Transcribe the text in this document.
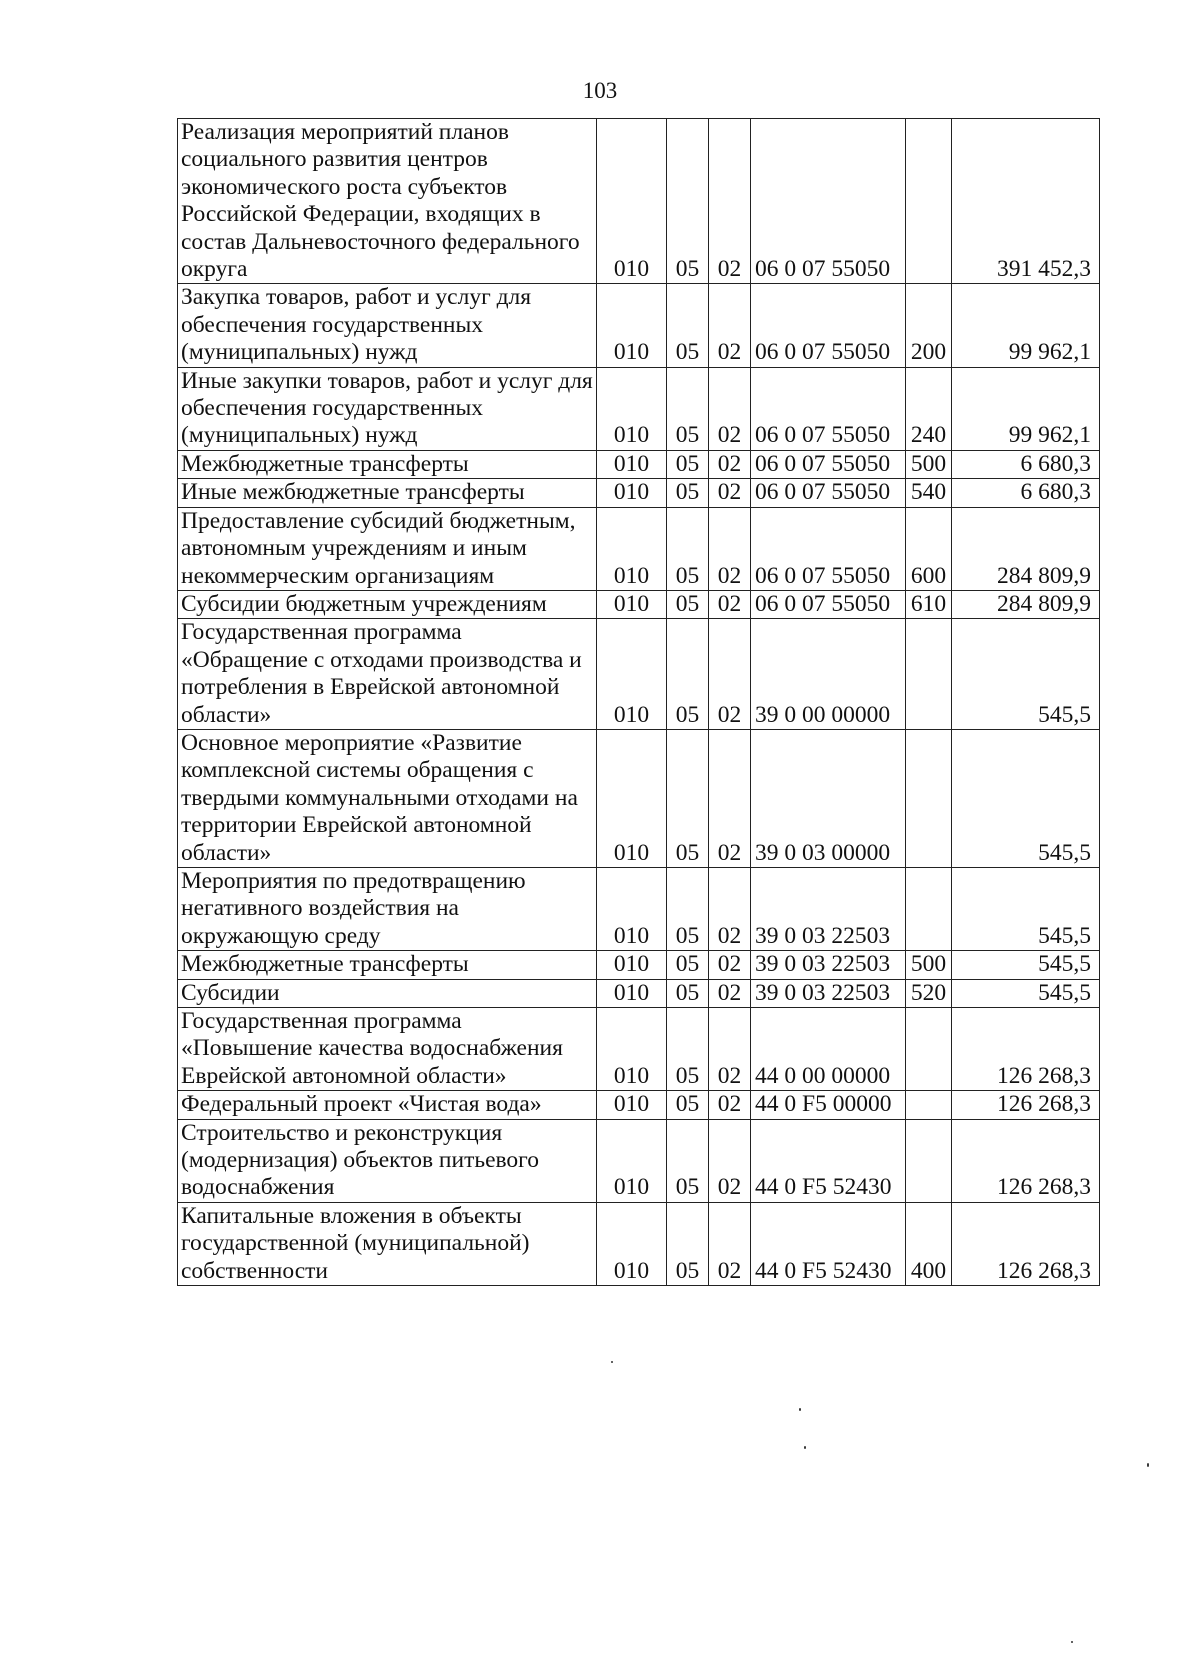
103
Реализация мероприятий планов социального развития центров экономического роста субъектов Российской Федерации, входящих в состав Дальневосточного федерального округа	010	05	02	06 0 07 55050		391 452,3
Закупка товаров, работ и услуг для обеспечения государственных (муниципальных) нужд	010	05	02	06 0 07 55050	200	99 962,1
Иные закупки товаров, работ и услуг для обеспечения государственных (муниципальных) нужд	010	05	02	06 0 07 55050	240	99 962,1
Межбюджетные трансферты	010	05	02	06 0 07 55050	500	6 680,3
Иные межбюджетные трансферты	010	05	02	06 0 07 55050	540	6 680,3
Предоставление субсидий бюджетным, автономным учреждениям и иным некоммерческим организациям	010	05	02	06 0 07 55050	600	284 809,9
Субсидии бюджетным учреждениям	010	05	02	06 0 07 55050	610	284 809,9
Государственная программа «Обращение с отходами производства и потребления в Еврейской автономной области»	010	05	02	39 0 00 00000		545,5
Основное мероприятие «Развитие комплексной системы обращения с твердыми коммунальными отходами на территории Еврейской автономной области»	010	05	02	39 0 03 00000		545,5
Мероприятия по предотвращению негативного воздействия на окружающую среду	010	05	02	39 0 03 22503		545,5
Межбюджетные трансферты	010	05	02	39 0 03 22503	500	545,5
Субсидии	010	05	02	39 0 03 22503	520	545,5
Государственная программа «Повышение качества водоснабжения Еврейской автономной области»	010	05	02	44 0 00 00000		126 268,3
Федеральный проект «Чистая вода»	010	05	02	44 0 F5 00000		126 268,3
Строительство и реконструкция (модернизация) объектов питьевого водоснабжения	010	05	02	44 0 F5 52430		126 268,3
Капитальные вложения в объекты государственной (муниципальной) собственности	010	05	02	44 0 F5 52430	400	126 268,3
